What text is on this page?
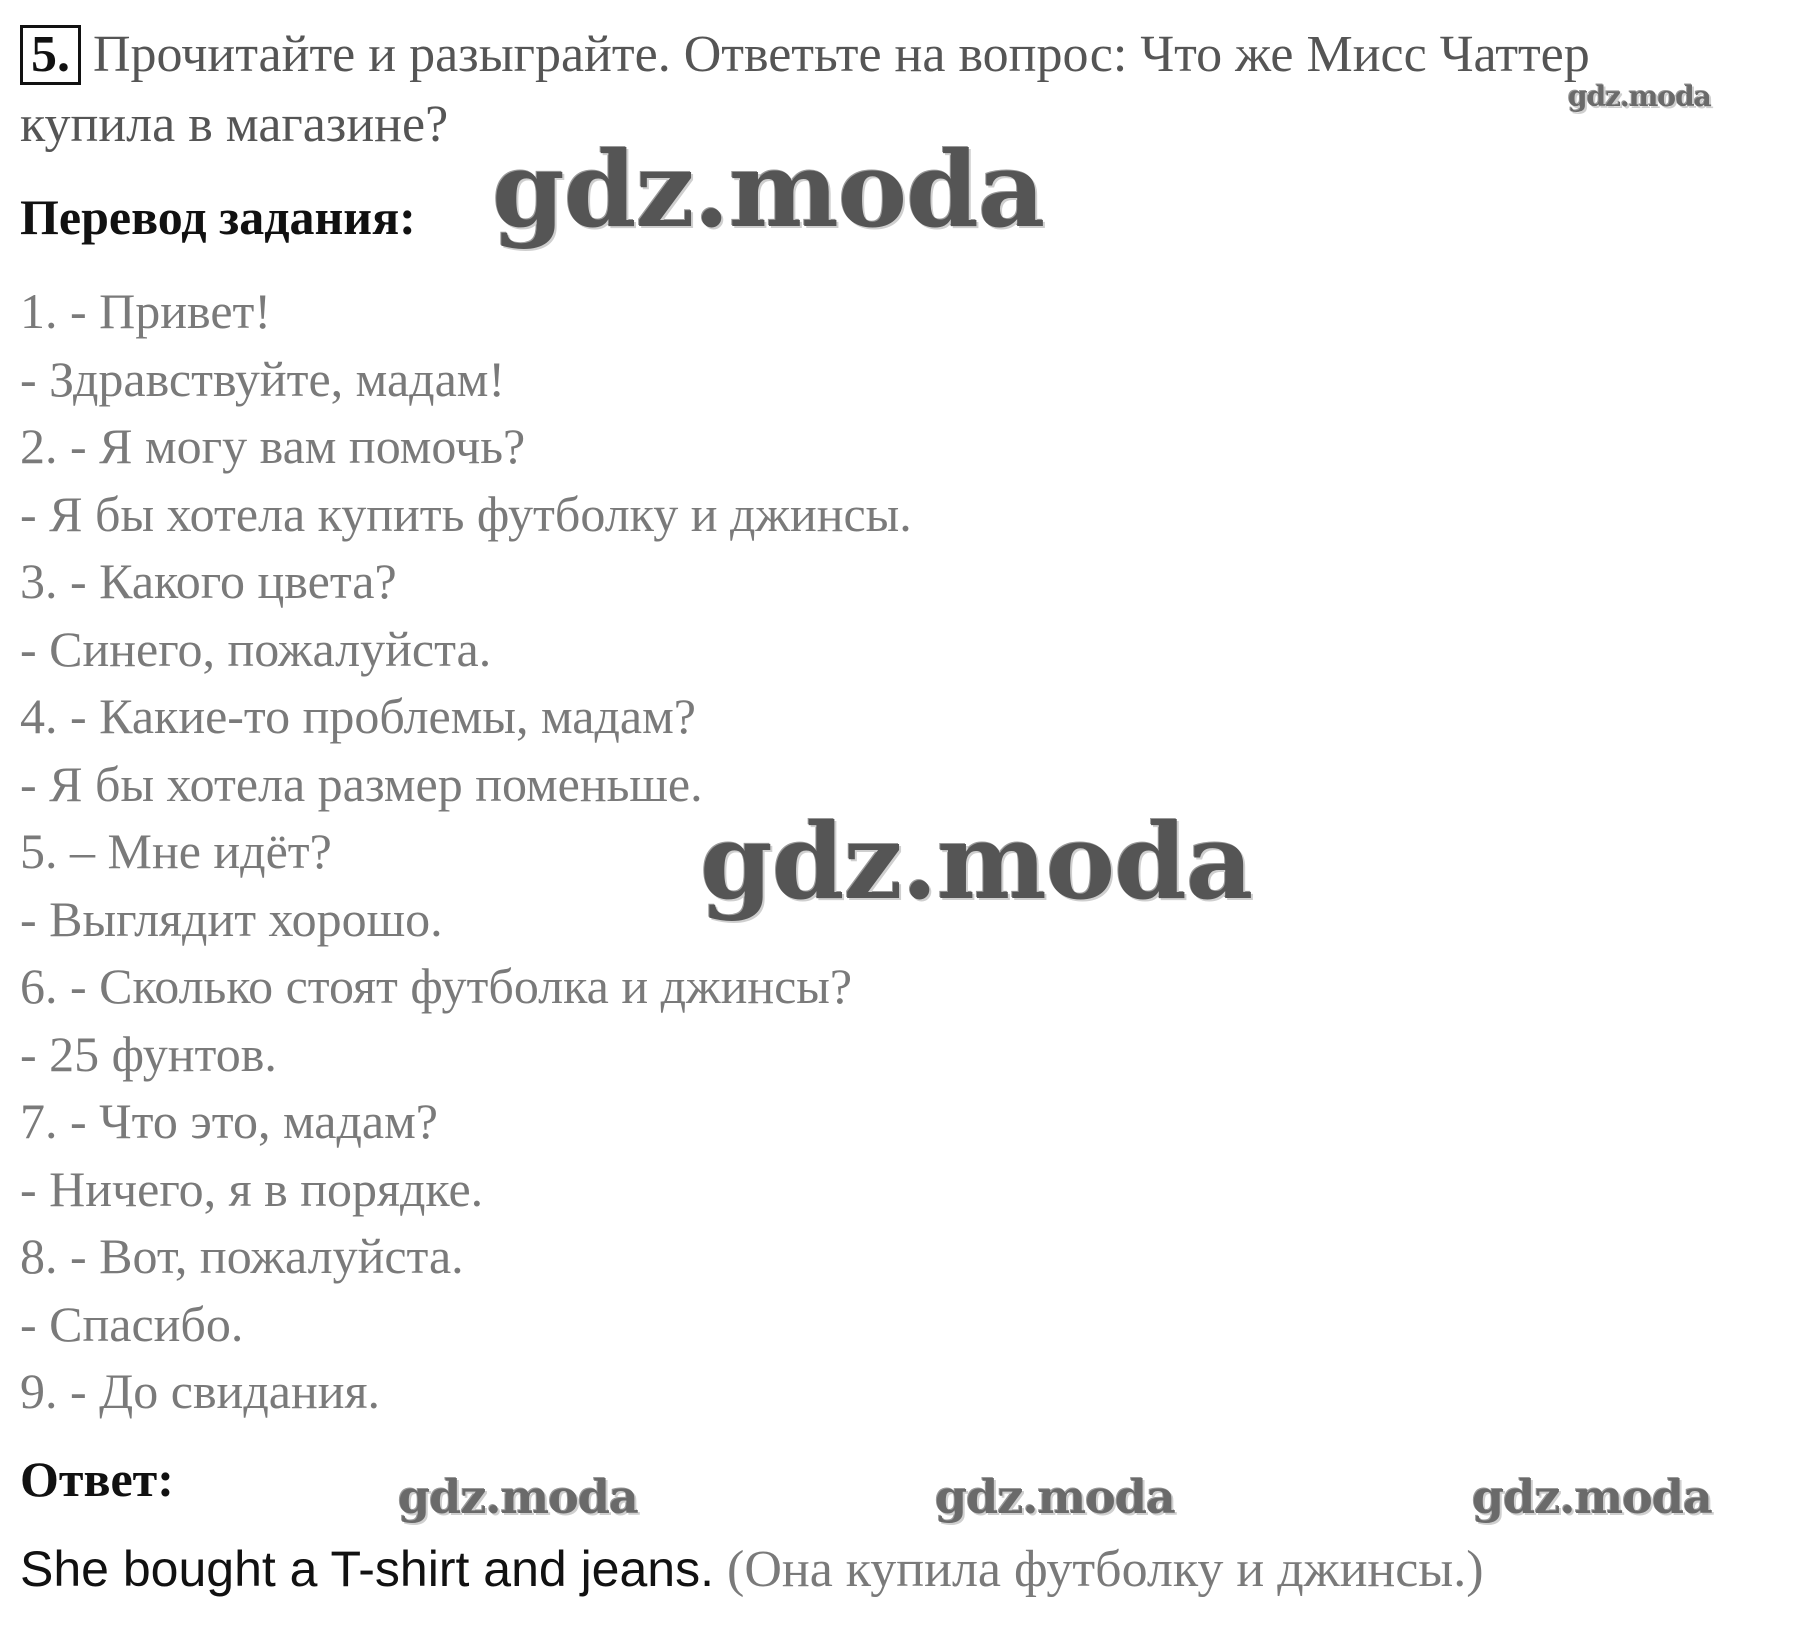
5. Прочитайте и разыграйте. Ответьте на вопрос: Что же Мисс Чаттер
купила в магазине?
Перевод задания:
1. - Привет!
- Здравствуйте, мадам!
2. - Я могу вам помочь?
- Я бы хотела купить футболку и джинсы.
3. - Какого цвета?
- Синего, пожалуйста.
4. - Какие-то проблемы, мадам?
- Я бы хотела размер поменьше.
5. – Мне идёт?
- Выглядит хорошо.
6. - Сколько стоят футболка и джинсы?
- 25 фунтов.
7. - Что это, мадам?
- Ничего, я в порядке.
8. - Вот, пожалуйста.
- Спасибо.
9. - До свидания.
Ответ:
She bought a T-shirt and jeans. (Она купила футболку и джинсы.)
gdz.moda
gdz.moda
gdz.moda
gdz.moda	gdz.moda	gdz.moda
